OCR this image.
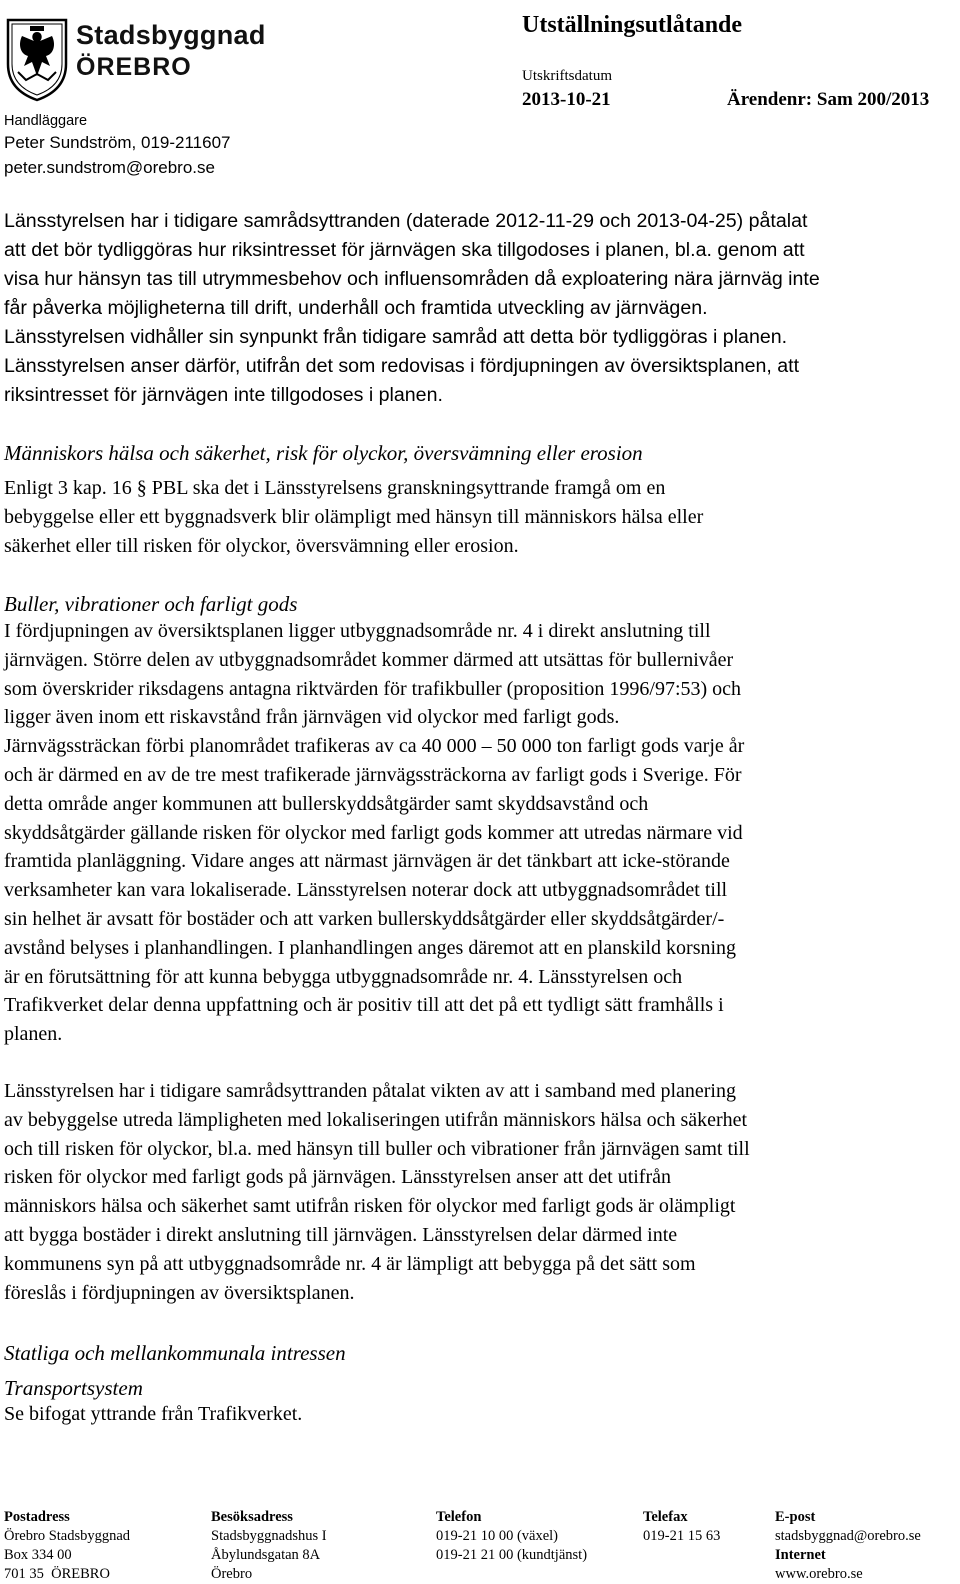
Stadsbyggnad
ÖREBRO
Handläggare
Peter Sundström, 019-211607
peter.sundstrom@orebro.se
Utställningsutlåtande
Utskriftsdatum
2013-10-21	Ärendenr: Sam 200/2013
Länsstyrelsen har i tidigare samrådsyttranden (daterade 2012-11-29 och 2013-04-25) påtalat
att det bör tydliggöras hur riksintresset för järnvägen ska tillgodoses i planen, bl.a. genom att
visa hur hänsyn tas till utrymmesbehov och influensområden då exploatering nära järnväg inte
får påverka möjligheterna till drift, underhåll och framtida utveckling av järnvägen.
Länsstyrelsen vidhåller sin synpunkt från tidigare samråd att detta bör tydliggöras i planen.
Länsstyrelsen anser därför, utifrån det som redovisas i fördjupningen av översiktsplanen, att
riksintresset för järnvägen inte tillgodoses i planen.
Människors hälsa och säkerhet, risk för olyckor, översvämning eller erosion
Enligt 3 kap. 16 § PBL ska det i Länsstyrelsens granskningsyttrande framgå om en
bebyggelse eller ett byggnadsverk blir olämpligt med hänsyn till människors hälsa eller
säkerhet eller till risken för olyckor, översvämning eller erosion.
Buller, vibrationer och farligt gods
I fördjupningen av översiktsplanen ligger utbyggnadsområde nr. 4 i direkt anslutning till
järnvägen. Större delen av utbyggnadsområdet kommer därmed att utsättas för bullernivåer
som överskrider riksdagens antagna riktvärden för trafikbuller (proposition 1996/97:53) och
ligger även inom ett riskavstånd från järnvägen vid olyckor med farligt gods.
Järnvägssträckan förbi planområdet trafikeras av ca 40 000 – 50 000 ton farligt gods varje år
och är därmed en av de tre mest trafikerade järnvägssträckorna av farligt gods i Sverige. För
detta område anger kommunen att bullerskyddsåtgärder samt skyddsavstånd och
skyddsåtgärder gällande risken för olyckor med farligt gods kommer att utredas närmare vid
framtida planläggning. Vidare anges att närmast järnvägen är det tänkbart att icke-störande
verksamheter kan vara lokaliserade. Länsstyrelsen noterar dock att utbyggnadsområdet till
sin helhet är avsatt för bostäder och att varken bullerskyddsåtgärder eller skyddsåtgärder/-
avstånd belyses i planhandlingen. I planhandlingen anges däremot att en planskild korsning
är en förutsättning för att kunna bebygga utbyggnadsområde nr. 4. Länsstyrelsen och
Trafikverket delar denna uppfattning och är positiv till att det på ett tydligt sätt framhålls i
planen.
Länsstyrelsen har i tidigare samrådsyttranden påtalat vikten av att i samband med planering
av bebyggelse utreda lämpligheten med lokaliseringen utifrån människors hälsa och säkerhet
och till risken för olyckor, bl.a. med hänsyn till buller och vibrationer från järnvägen samt till
risken för olyckor med farligt gods på järnvägen. Länsstyrelsen anser att det utifrån
människors hälsa och säkerhet samt utifrån risken för olyckor med farligt gods är olämpligt
att bygga bostäder i direkt anslutning till järnvägen. Länsstyrelsen delar därmed inte
kommunens syn på att utbyggnadsområde nr. 4 är lämpligt att bebygga på det sätt som
föreslås i fördjupningen av översiktsplanen.
Statliga och mellankommunala intressen
Transportsystem
Se bifogat yttrande från Trafikverket.
Postadress
Örebro Stadsbyggnad
Box 334 00
701 35  ÖREBRO
Besöksadress
Stadsbyggnadshus I
Åbylundsgatan 8A
Örebro
Telefon
019-21 10 00 (växel)
019-21 21 00 (kundtjänst)
Telefax
019-21 15 63
E-post
stadsbyggnad@orebro.se
Internet
www.orebro.se
